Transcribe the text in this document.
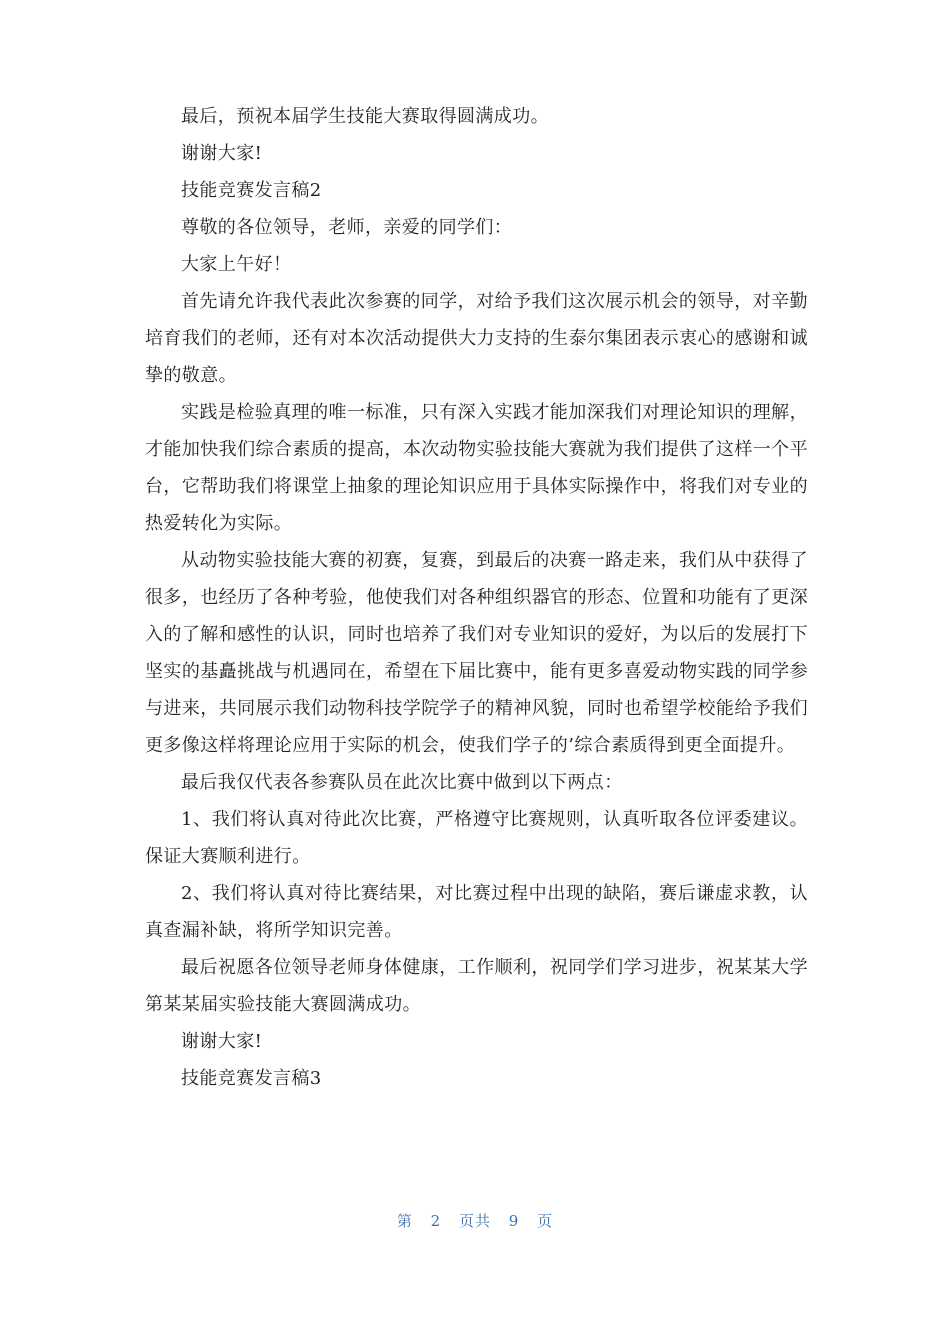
最后，预祝本届学生技能大赛取得圆满成功。

谢谢大家!

技能竞赛发言稿2

尊敬的各位领导，老师，亲爱的同学们：

大家上午好！

首先请允许我代表此次参赛的同学，对给予我们这次展示机会的领导，对辛勤培育我们的老师，还有对本次活动提供大力支持的生泰尔集团表示衷心的感谢和诚挚的敬意。

实践是检验真理的唯一标准，只有深入实践才能加深我们对理论知识的理解，才能加快我们综合素质的提高，本次动物实验技能大赛就为我们提供了这样一个平台，它帮助我们将课堂上抽象的理论知识应用于具体实际操作中，将我们对专业的热爱转化为实际。

从动物实验技能大赛的初赛，复赛，到最后的决赛一路走来，我们从中获得了很多，也经历了各种考验，他使我们对各种组织器官的形态、位置和功能有了更深入的了解和感性的认识，同时也培养了我们对专业知识的爱好，为以后的发展打下坚实的基矗挑战与机遇同在，希望在下届比赛中，能有更多喜爱动物实践的同学参与进来，共同展示我们动物科技学院学子的精神风貌，同时也希望学校能给予我们更多像这样将理论应用于实际的机会，使我们学子的’综合素质得到更全面提升。

最后我仅代表各参赛队员在此次比赛中做到以下两点：

1、我们将认真对待此次比赛，严格遵守比赛规则，认真听取各位评委建议。保证大赛顺利进行。

2、我们将认真对待比赛结果，对比赛过程中出现的缺陷，赛后谦虚求教，认真查漏补缺，将所学知识完善。

最后祝愿各位领导老师身体健康，工作顺利，祝同学们学习进步，祝某某大学第某某届实验技能大赛圆满成功。

谢谢大家!

技能竞赛发言稿3

第 2 页共 9 页
